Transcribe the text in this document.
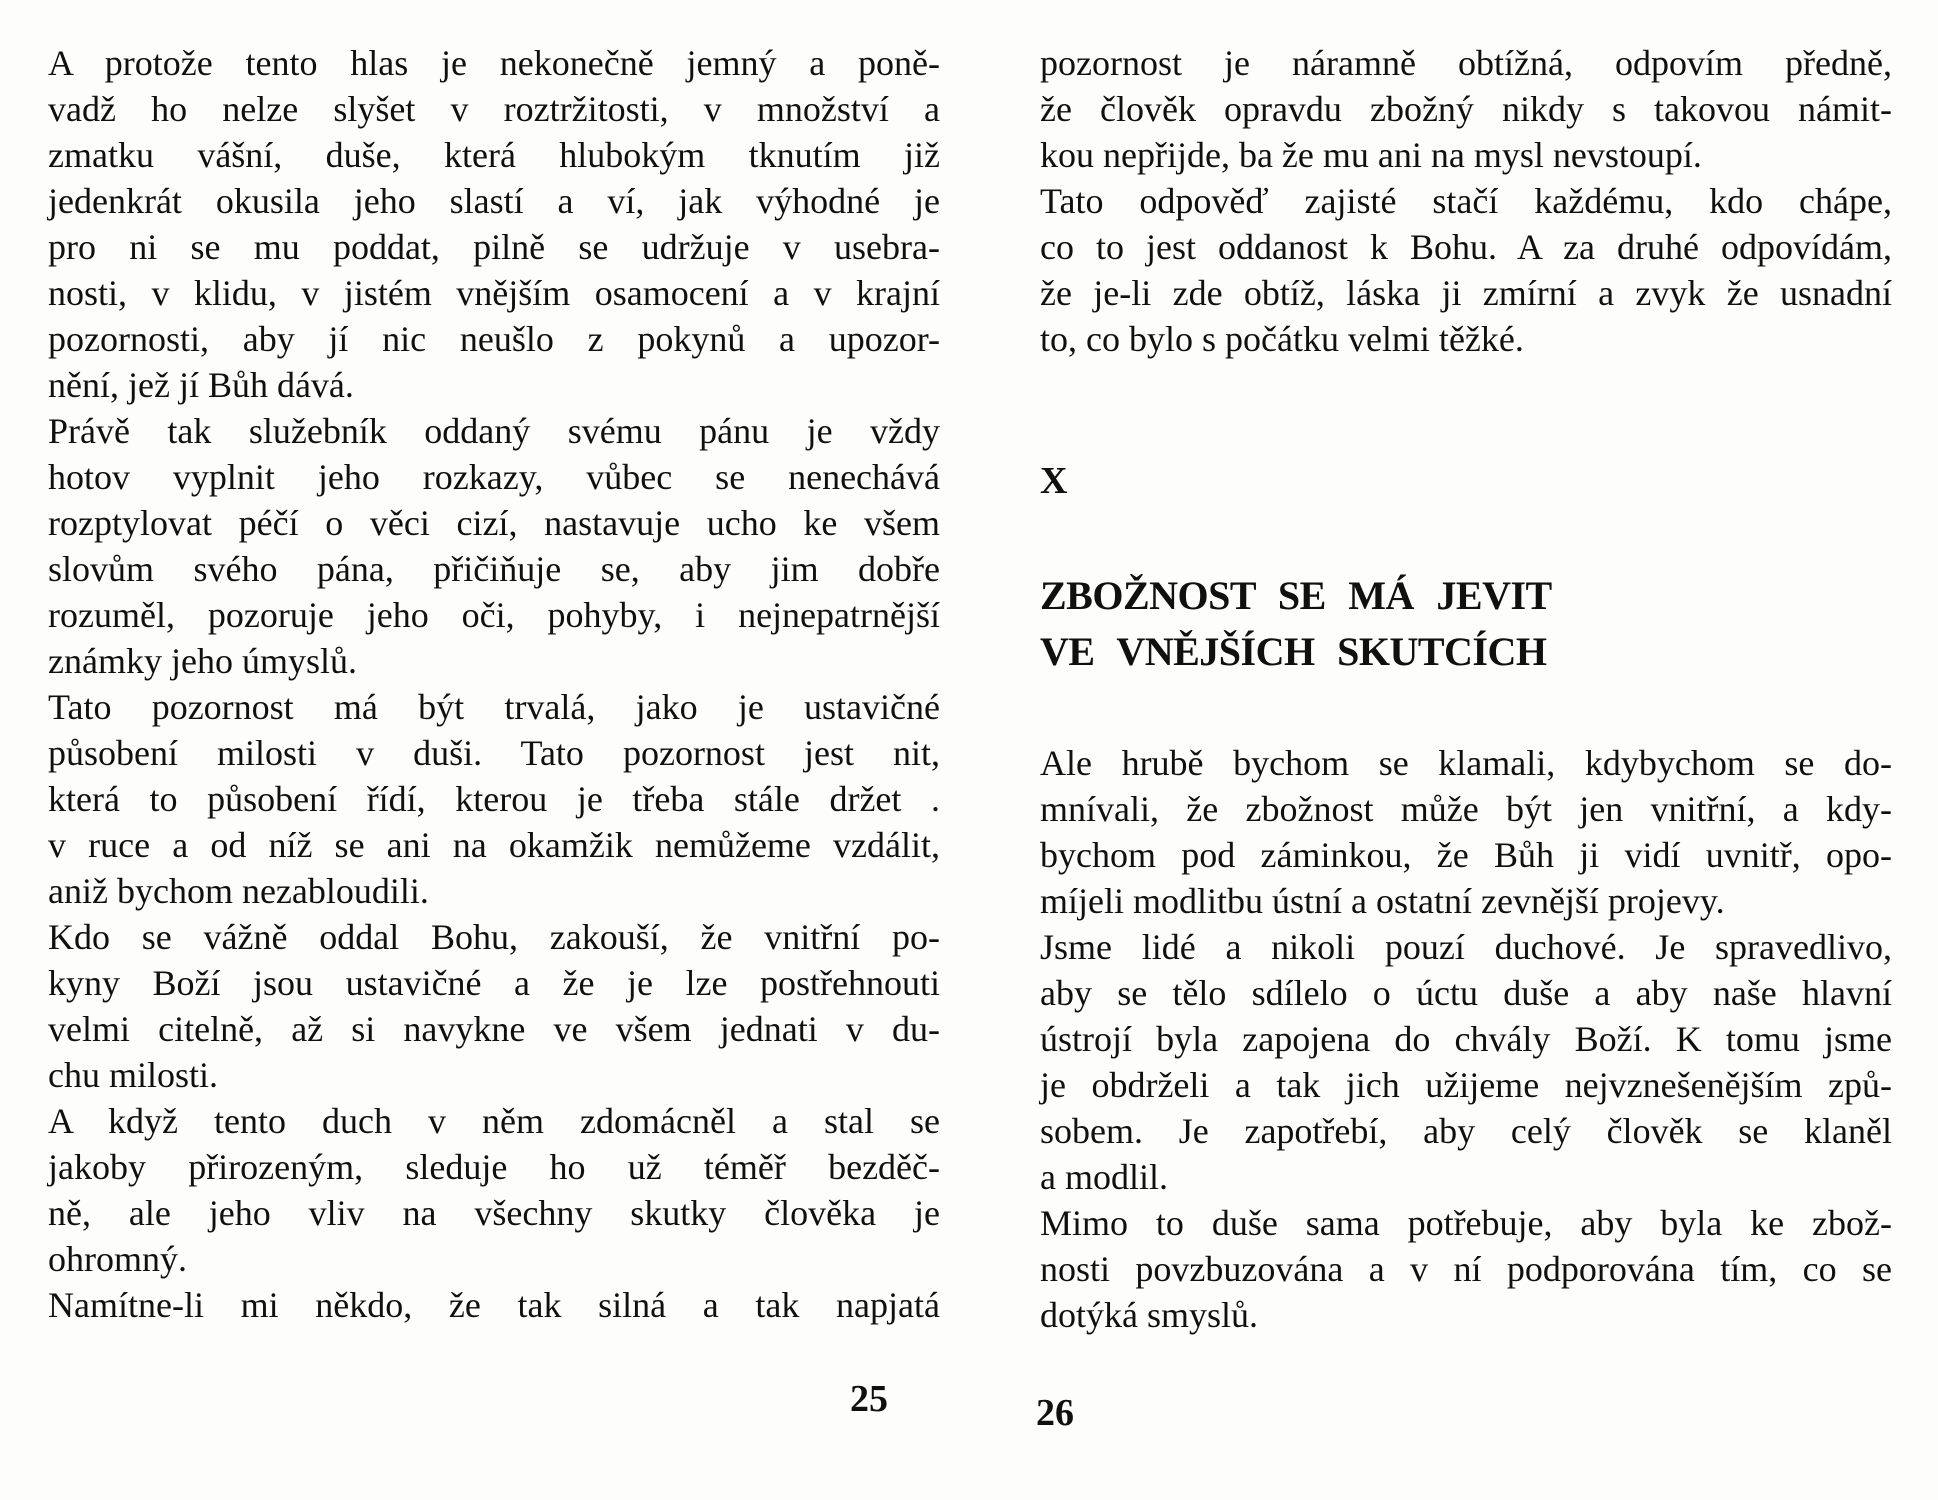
A protože tento hlas je nekonečně jemný a poně-
vadž ho nelze slyšet v roztržitosti, v množství a
zmatku vášní, duše, která hlubokým tknutím již
jedenkrát okusila jeho slastí a ví, jak výhodné je
pro ni se mu poddat, pilně se udržuje v usebra-
nosti, v klidu, v jistém vnějším osamocení a v krajní
pozornosti, aby jí nic neušlo z pokynů a upozor-
nění, jež jí Bůh dává.
Právě tak služebník oddaný svému pánu je vždy
hotov vyplnit jeho rozkazy, vůbec se nenechává
rozptylovat péčí o věci cizí, nastavuje ucho ke všem
slovům svého pána, přičiňuje se, aby jim dobře
rozuměl, pozoruje jeho oči, pohyby, i nejnepatrnější
známky jeho úmyslů.
Tato pozornost má být trvalá, jako je ustavičné
působení milosti v duši. Tato pozornost jest nit,
která to působení řídí, kterou je třeba stále držet .
v ruce a od níž se ani na okamžik nemůžeme vzdálit,
aniž bychom nezabloudili.
Kdo se vážně oddal Bohu, zakouší, že vnitřní po-
kyny Boží jsou ustavičné a že je lze postřehnouti
velmi citelně, až si navykne ve všem jednati v du-
chu milosti.
A když tento duch v něm zdomácněl a stal se
jakoby přirozeným, sleduje ho už téměř bezděč-
ně, ale jeho vliv na všechny skutky člověka je
ohromný.
Namítne-li mi někdo, že tak silná a tak napjatá
25
pozornost je náramně obtížná, odpovím předně,
že člověk opravdu zbožný nikdy s takovou námit-
kou nepřijde, ba že mu ani na mysl nevstoupí.
Tato odpověď zajisté stačí každému, kdo chápe,
co to jest oddanost k Bohu. A za druhé odpovídám,
že je-li zde obtíž, láska ji zmírní a zvyk že usnadní
to, co bylo s počátku velmi těžké.
X
ZBOŽNOST SE MÁ JEVIT
VE VNĚJŠÍCH SKUTCÍCH
Ale hrubě bychom se klamali, kdybychom se do-
mnívali, že zbožnost může být jen vnitřní, a kdy-
bychom pod záminkou, že Bůh ji vidí uvnitř, opo-
míjeli modlitbu ústní a ostatní zevnější projevy.
Jsme lidé a nikoli pouzí duchové. Je spravedlivo,
aby se tělo sdílelo o úctu duše a aby naše hlavní
ústrojí byla zapojena do chvály Boží. K tomu jsme
je obdrželi a tak jich užijeme nejvznešenějším způ-
sobem. Je zapotřebí, aby celý člověk se klaněl
a modlil.
Mimo to duše sama potřebuje, aby byla ke zbož-
nosti povzbuzována a v ní podporována tím, co se
dotýká smyslů.
26
